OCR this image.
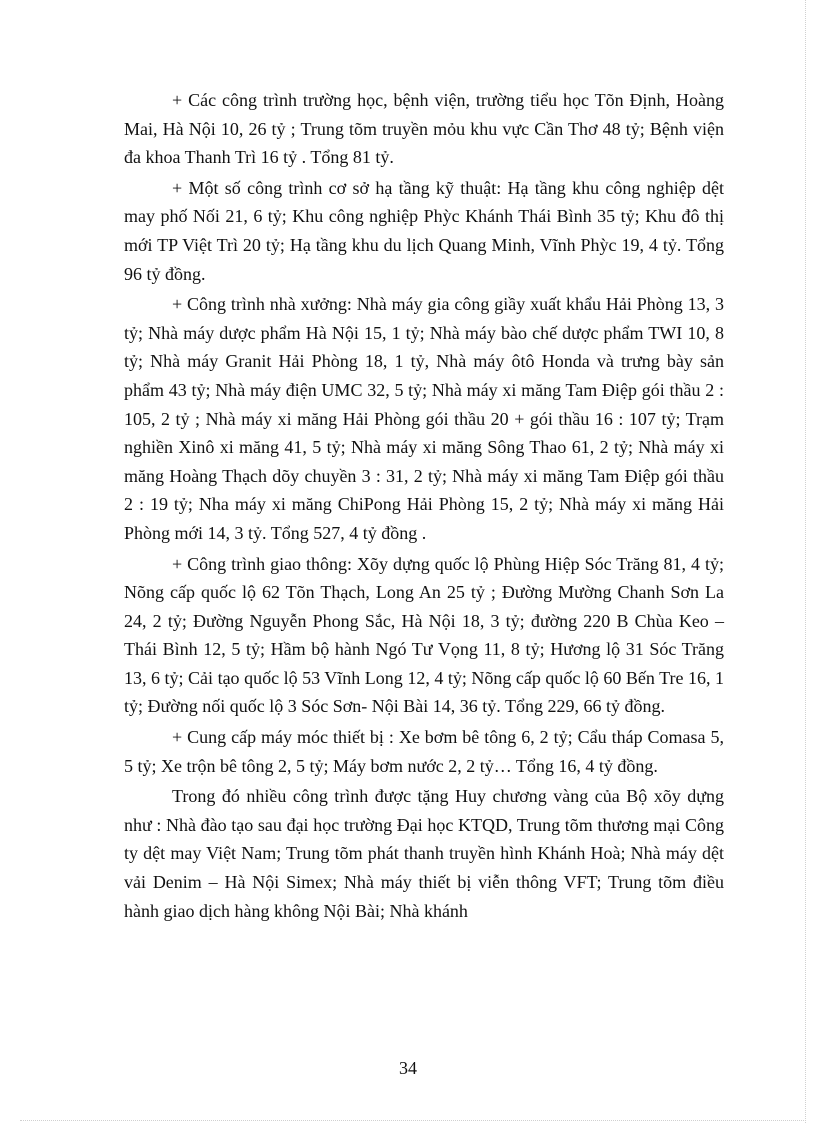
+ Các công trình trường học, bệnh viện, trường tiểu học Tõn Định, Hoàng Mai, Hà Nội 10, 26 tỷ ; Trung tõm truyền mỏu khu vực Cần Thơ 48 tỷ; Bệnh viện đa khoa Thanh Trì 16 tỷ . Tổng 81 tỷ.

+ Một số công trình cơ sở hạ tầng kỹ thuật: Hạ tầng khu công nghiệp dệt may phố Nối 21, 6 tỷ; Khu công nghiệp Phỳc Khánh Thái Bình 35 tỷ; Khu đô thị mới TP Việt Trì 20 tỷ; Hạ tầng khu du lịch Quang Minh, Vĩnh Phỳc 19, 4 tỷ. Tổng 96 tỷ đồng.

+ Công trình nhà xưởng: Nhà máy gia công giầy xuất khẩu Hải Phòng 13, 3 tỷ; Nhà máy dược phẩm Hà Nội 15, 1 tỷ; Nhà máy bào chế dược phẩm TWI 10, 8 tỷ; Nhà máy Granit Hải Phòng 18, 1 tỷ, Nhà máy ôtô Honda và trưng bày sản phẩm 43 tỷ; Nhà máy điện UMC 32, 5 tỷ; Nhà máy xi măng Tam Điệp gói thầu 2 : 105, 2 tỷ ; Nhà máy xi măng Hải Phòng gói thầu 20 + gói thầu 16 : 107 tỷ; Trạm nghiền Xinô xi măng 41, 5 tỷ; Nhà máy xi măng Sông Thao 61, 2 tỷ; Nhà máy xi măng Hoàng Thạch dõy chuyền 3 : 31, 2 tỷ; Nhà máy xi măng Tam Điệp gói thầu 2 : 19 tỷ; Nha máy xi măng ChiPong Hải Phòng 15, 2 tỷ; Nhà máy xi măng Hải Phòng mới 14, 3 tỷ. Tổng 527, 4 tỷ đồng .

+ Công trình giao thông: Xõy dựng quốc lộ Phùng Hiệp Sóc Trăng 81, 4 tỷ; Nõng cấp quốc lộ 62 Tõn Thạch, Long An 25 tỷ ; Đường Mường Chanh Sơn La 24, 2 tỷ; Đường Nguyễn Phong Sắc, Hà Nội 18, 3 tỷ; đường 220 B Chùa Keo – Thái Bình 12, 5 tỷ; Hầm bộ hành Ngó Tư Vọng 11, 8 tỷ; Hương lộ 31 Sóc Trăng 13, 6 tỷ; Cải tạo quốc lộ 53 Vĩnh Long 12, 4 tỷ; Nõng cấp quốc lộ 60 Bến Tre 16, 1 tỷ; Đường nối quốc lộ 3 Sóc Sơn- Nội Bài 14, 36 tỷ. Tổng 229, 66 tỷ đồng.

+ Cung cấp máy móc thiết bị : Xe bơm bê tông 6, 2 tỷ; Cẩu tháp Comasa 5, 5 tỷ; Xe trộn bê tông 2, 5 tỷ; Máy bơm nước 2, 2 tỷ… Tổng 16, 4 tỷ đồng.

Trong đó nhiều công trình được tặng Huy chương vàng của Bộ xõy dựng như : Nhà đào tạo sau đại học trường Đại học KTQD, Trung tõm thương mại Công ty dệt may Việt Nam; Trung tõm phát thanh truyền hình Khánh Hoà; Nhà máy dệt vải Denim – Hà Nội Simex; Nhà máy thiết bị viễn thông VFT; Trung tõm điều hành giao dịch hàng không Nội Bài; Nhà khánh

34
